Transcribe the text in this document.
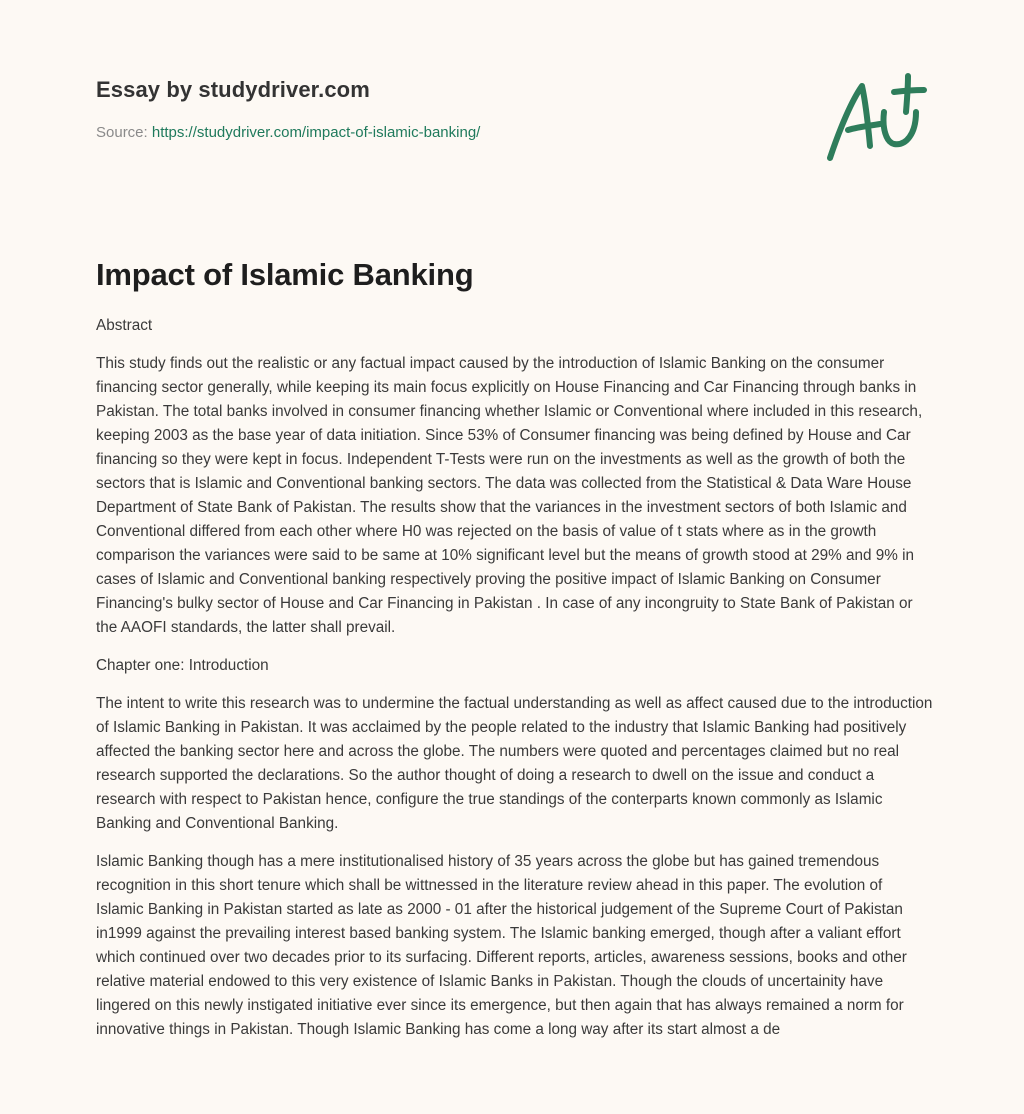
Essay by studydriver.com
Source: https://studydriver.com/impact-of-islamic-banking/
Impact of Islamic Banking

Abstract

This study finds out the realistic or any factual impact caused by the introduction of Islamic Banking on the consumer financing sector generally, while keeping its main focus explicitly on House Financing and Car Financing through banks in Pakistan. The total banks involved in consumer financing whether Islamic or Conventional where included in this research, keeping 2003 as the base year of data initiation. Since 53% of Consumer financing was being defined by House and Car financing so they were kept in focus. Independent T-Tests were run on the investments as well as the growth of both the sectors that is Islamic and Conventional banking sectors. The data was collected from the Statistical & Data Ware House Department of State Bank of Pakistan. The results show that the variances in the investment sectors of both Islamic and Conventional differed from each other where H0 was rejected on the basis of value of t stats where as in the growth comparison the variances were said to be same at 10% significant level but the means of growth stood at 29% and 9% in cases of Islamic and Conventional banking respectively proving the positive impact of Islamic Banking on Consumer Financing's bulky sector of House and Car Financing in Pakistan . In case of any incongruity to State Bank of Pakistan or the AAOFI standards, the latter shall prevail.

Chapter one: Introduction

The intent to write this research was to undermine the factual understanding as well as affect caused due to the introduction of Islamic Banking in Pakistan. It was acclaimed by the people related to the industry that Islamic Banking had positively affected the banking sector here and across the globe. The numbers were quoted and percentages claimed but no real research supported the declarations. So the author thought of doing a research to dwell on the issue and conduct a research with respect to Pakistan hence, configure the true standings of the conterparts known commonly as Islamic Banking and Conventional Banking.

Islamic Banking though has a mere institutionalised history of 35 years across the globe but has gained tremendous recognition in this short tenure which shall be wittnessed in the literature review ahead in this paper. The evolution of Islamic Banking in Pakistan started as late as 2000 - 01 after the historical judgement of the Supreme Court of Pakistan in1999 against the prevailing interest based banking system. The Islamic banking emerged, though after a valiant effort which continued over two decades prior to its surfacing. Different reports, articles, awareness sessions, books and other relative material endowed to this very existence of Islamic Banks in Pakistan. Though the clouds of uncertainity have lingered on this newly instigated initiative ever since its emergence, but then again that has always remained a norm for innovative things in Pakistan. Though Islamic Banking has come a long way after its start almost a de
